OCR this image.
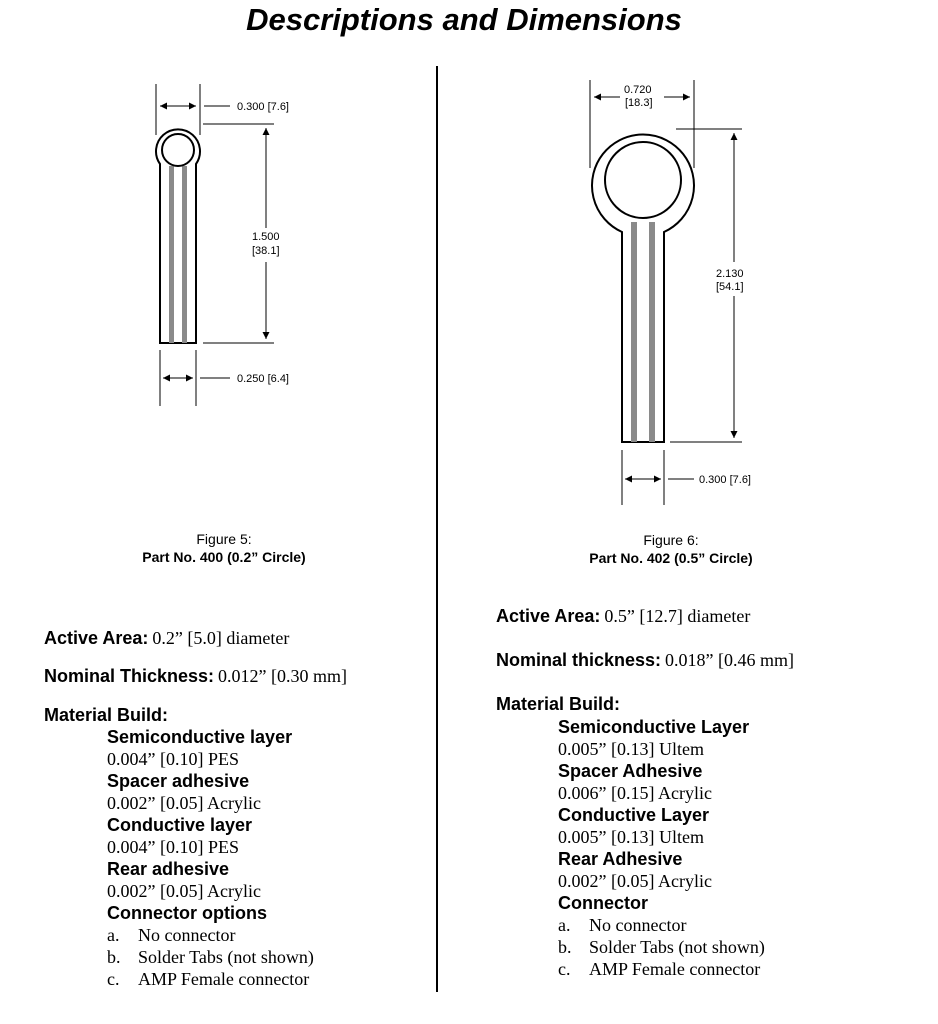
Descriptions and Dimensions
0.300 [7.6]
1.500
[38.1]
0.250 [6.4]
0.720
[18.3]
2.130
[54.1]
0.300 [7.6]
Figure 5:
Part No. 400 (0.2” Circle)
Figure 6:
Part No. 402 (0.5” Circle)
Active Area: 0.2” [5.0] diameter
Nominal Thickness: 0.012” [0.30 mm]
Material Build:
Semiconductive layer
0.004” [0.10] PES
Spacer adhesive
0.002” [0.05] Acrylic
Conductive layer
0.004” [0.10] PES
Rear adhesive
0.002” [0.05] Acrylic
Connector options
a. No connector
b. Solder Tabs (not shown)
c. AMP Female connector
Active Area: 0.5” [12.7] diameter
Nominal thickness: 0.018” [0.46 mm]
Material Build:
Semiconductive Layer
0.005” [0.13] Ultem
Spacer Adhesive
0.006” [0.15] Acrylic
Conductive Layer
0.005” [0.13] Ultem
Rear Adhesive
0.002” [0.05] Acrylic
Connector
a. No connector
b. Solder Tabs (not shown)
c. AMP Female connector
